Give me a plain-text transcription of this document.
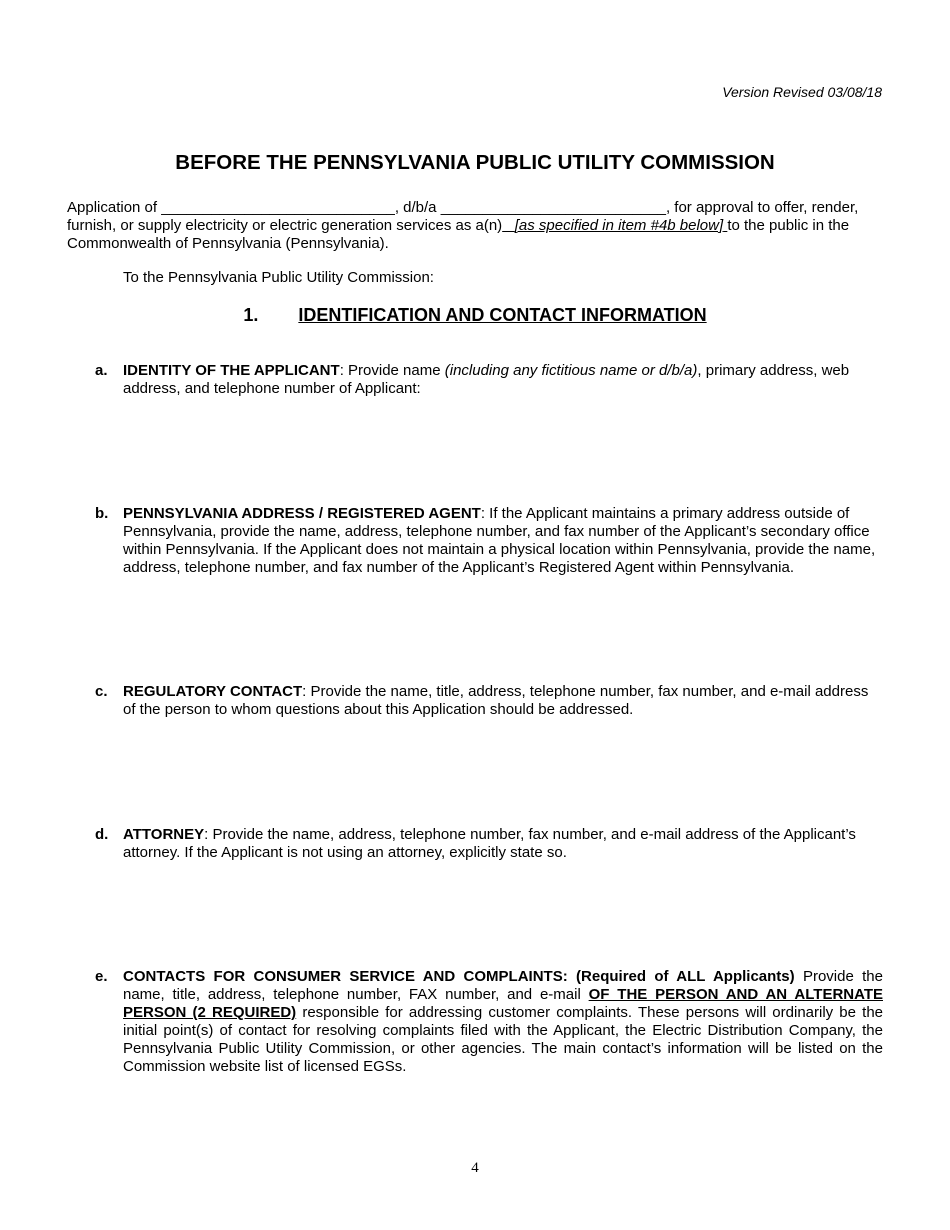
Version Revised 03/08/18
BEFORE THE PENNSYLVANIA PUBLIC UTILITY COMMISSION
Application of ____________________________, d/b/a ___________________________, for approval to offer, render, furnish, or supply electricity or electric generation services as a(n) [as specified in item #4b below] to the public in the Commonwealth of Pennsylvania (Pennsylvania).
To the Pennsylvania Public Utility Commission:
1. IDENTIFICATION AND CONTACT INFORMATION
a. IDENTITY OF THE APPLICANT: Provide name (including any fictitious name or d/b/a), primary address, web address, and telephone number of Applicant:
b. PENNSYLVANIA ADDRESS / REGISTERED AGENT: If the Applicant maintains a primary address outside of Pennsylvania, provide the name, address, telephone number, and fax number of the Applicant’s secondary office within Pennsylvania. If the Applicant does not maintain a physical location within Pennsylvania, provide the name, address, telephone number, and fax number of the Applicant’s Registered Agent within Pennsylvania.
c. REGULATORY CONTACT: Provide the name, title, address, telephone number, fax number, and e-mail address of the person to whom questions about this Application should be addressed.
d. ATTORNEY: Provide the name, address, telephone number, fax number, and e-mail address of the Applicant’s attorney. If the Applicant is not using an attorney, explicitly state so.
e. CONTACTS FOR CONSUMER SERVICE AND COMPLAINTS: (Required of ALL Applicants) Provide the name, title, address, telephone number, FAX number, and e-mail OF THE PERSON AND AN ALTERNATE PERSON (2 REQUIRED) responsible for addressing customer complaints. These persons will ordinarily be the initial point(s) of contact for resolving complaints filed with the Applicant, the Electric Distribution Company, the Pennsylvania Public Utility Commission, or other agencies. The main contact’s information will be listed on the Commission website list of licensed EGSs.
4
